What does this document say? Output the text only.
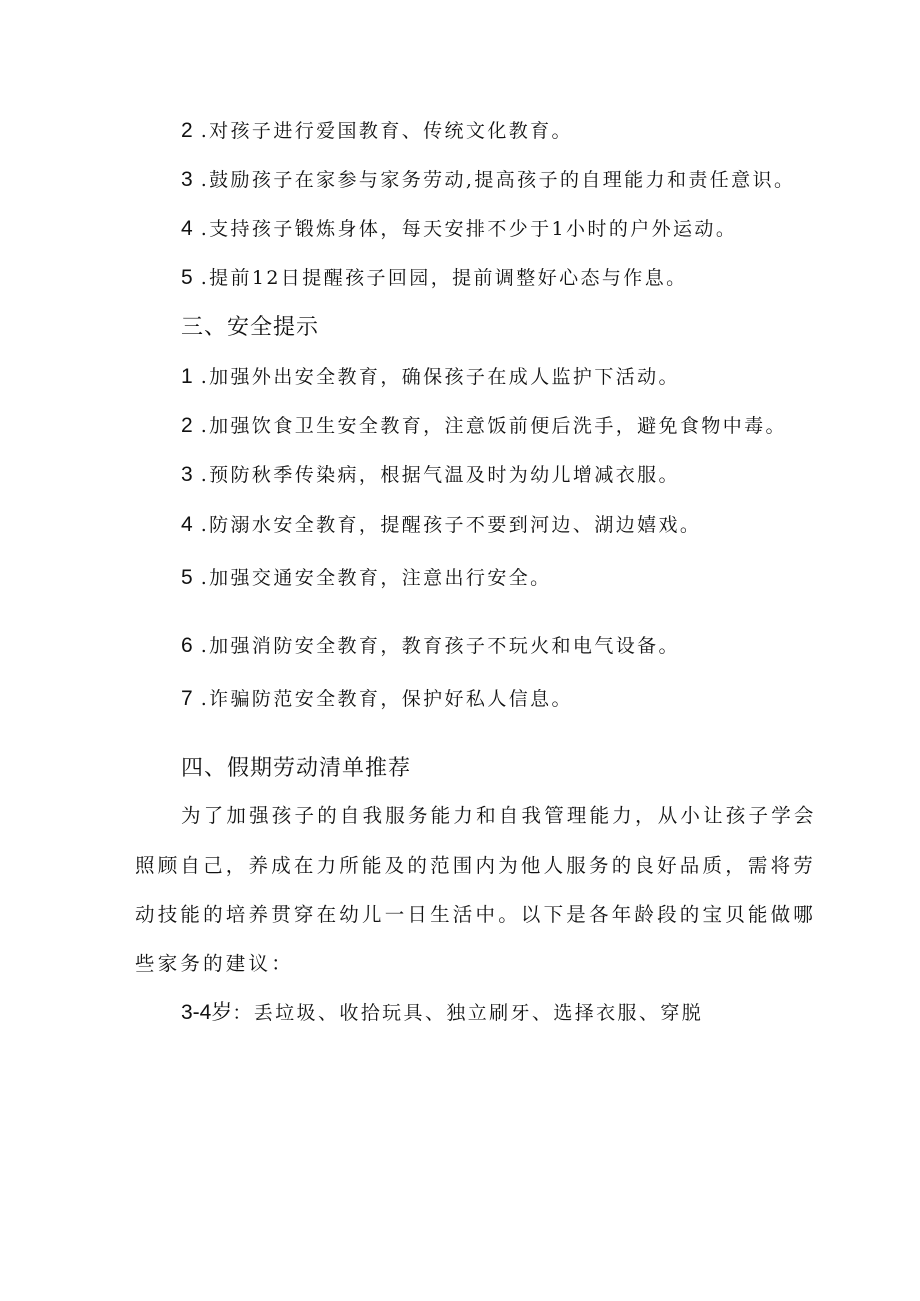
2 .对孩子进行爱国教育、传统文化教育。
3 .鼓励孩子在家参与家务劳动,提高孩子的自理能力和责任意识。
4 .支持孩子锻炼身体，每天安排不少于1小时的户外运动。
5 .提前12日提醒孩子回园，提前调整好心态与作息。
三、安全提示
1 .加强外出安全教育，确保孩子在成人监护下活动。
2 .加强饮食卫生安全教育，注意饭前便后洗手，避免食物中毒。
3 .预防秋季传染病，根据气温及时为幼儿增减衣服。
4 .防溺水安全教育，提醒孩子不要到河边、湖边嬉戏。
5 .加强交通安全教育，注意出行安全。
6 .加强消防安全教育，教育孩子不玩火和电气设备。
7 .诈骗防范安全教育，保护好私人信息。
四、假期劳动清单推荐
为了加强孩子的自我服务能力和自我管理能力，从小让孩子学会
照顾自己，养成在力所能及的范围内为他人服务的良好品质，需将劳
动技能的培养贯穿在幼儿一日生活中。以下是各年龄段的宝贝能做哪
些家务的建议：
3-4岁：丢垃圾、收拾玩具、独立刷牙、选择衣服、穿脱
